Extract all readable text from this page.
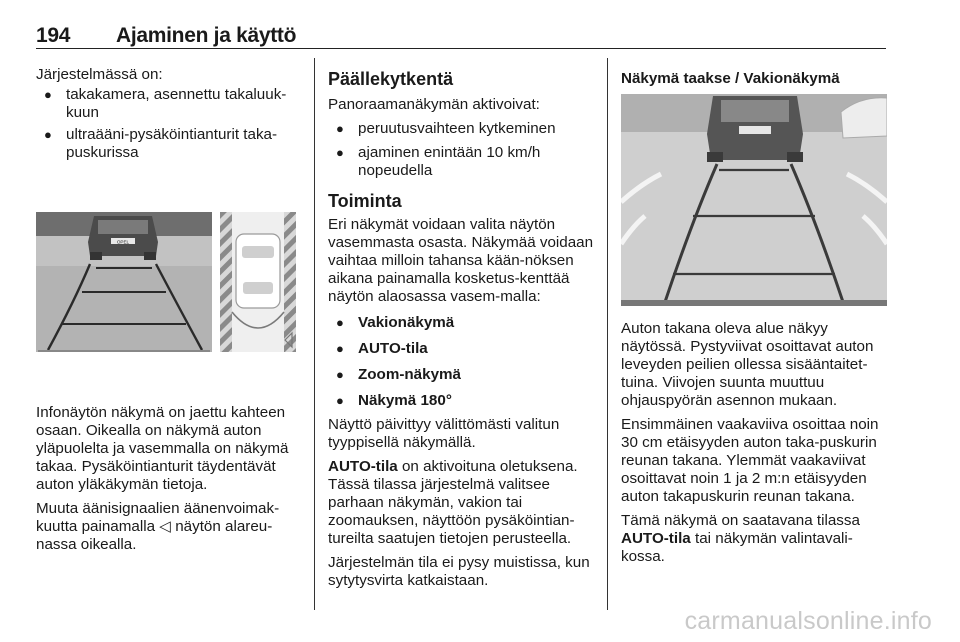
194 Ajaminen ja käyttö

Järjestelmässä on:

● takakamera, asennettu takaluuk-kuun
● ultraääni-pysäköintianturit taka-puskurissa
OPEL

Infonäytön näkymä on jaettu kahteen osaan. Oikealla on näkymä auton yläpuolelta ja vasemmalla on näkymä takaa. Pysäköintianturit täydentävät auton yläkäkymän tietoja.

Muuta äänisignaalien äänenvoimak-kuutta painamalla ◁ näytön alareu-nassa oikealla.

Päällekytkentä

Panoraamanäkymän aktivoivat:

● peruutusvaihteen kytkeminen
● ajaminen enintään 10 km/h nopeudella

Toiminta

Eri näkymät voidaan valita näytön vasemmasta osasta. Näkymää voidaan vaihtaa milloin tahansa kään-nöksen aikana painamalla kosketus-kenttää näytön alaosassa vasem-malla:

● Vakionäkymä
● AUTO-tila
● Zoom-näkymä
● Näkymä 180°

Näyttö päivittyy välittömästi valitun tyyppisellä näkymällä.

AUTO-tila on aktivoituna oletuksena. Tässä tilassa järjestelmä valitsee parhaan näkymän, vakion tai zoomauksen, näyttöön pysäköintian-tureilta saatujen tietojen perusteella.

Järjestelmän tila ei pysy muistissa, kun sytytysvirta katkaistaan.

Näkymä taakse / Vakionäkymä

Auton takana oleva alue näkyy näytössä. Pystyviivat osoittavat auton leveyden peilien ollessa sisääntaitet-tuina. Viivojen suunta muuttuu ohjauspyörän asennon mukaan.

Ensimmäinen vaakaviiva osoittaa noin 30 cm etäisyyden auton taka-puskurin reunan takana. Ylemmät vaakaviivat osoittavat noin 1 ja 2 m:n etäisyyden auton takapuskurin reunan takana.

Tämä näkymä on saatavana tilassa AUTO-tila tai näkymän valintavali-kossa.

carmanualsonline.info
